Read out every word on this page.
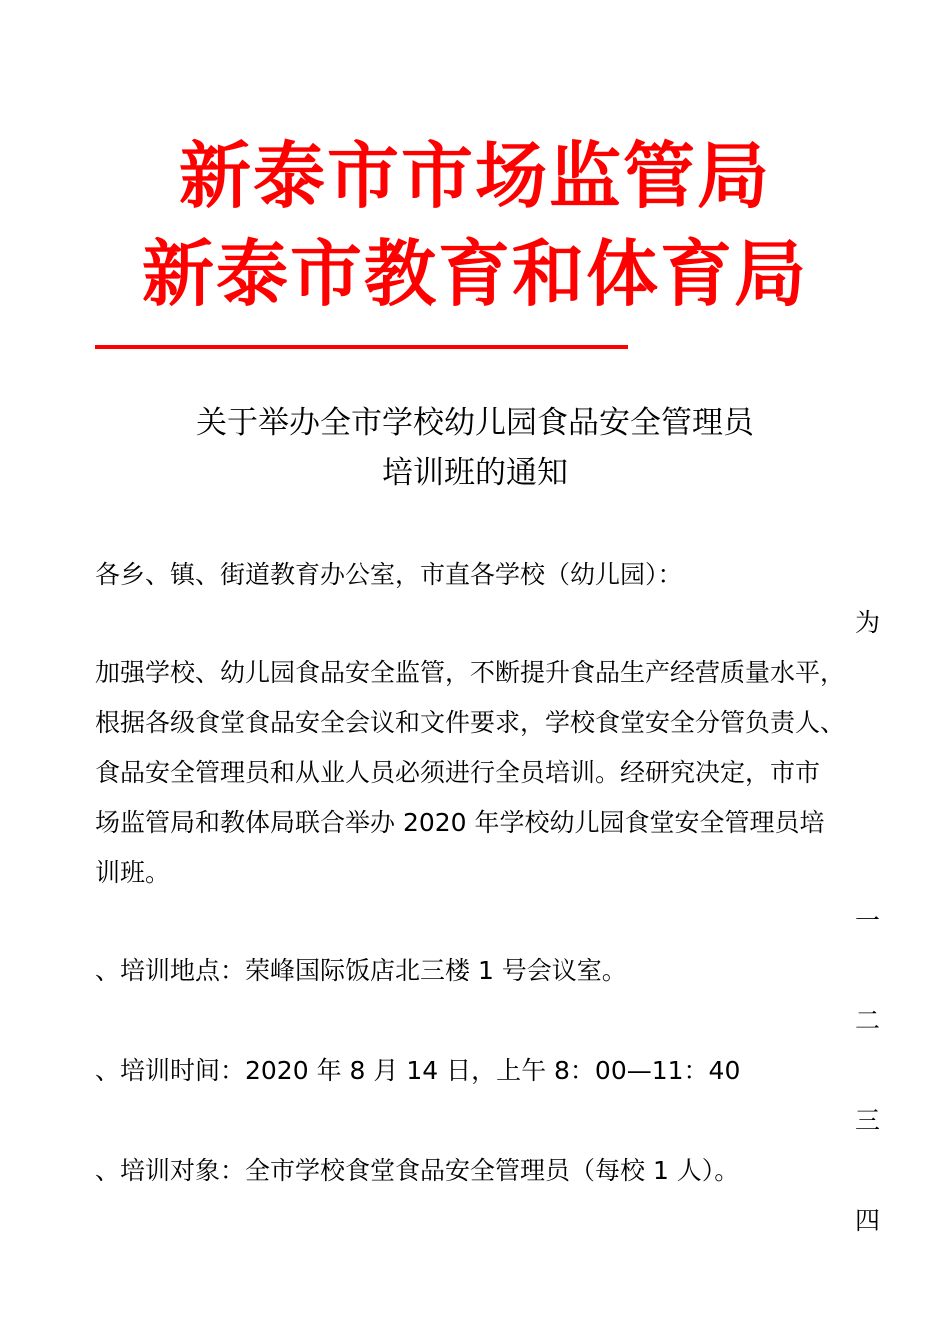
新泰市市场监管局
新泰市教育和体育局
关于举办全市学校幼儿园食品安全管理员
培训班的通知
各乡、镇、街道教育办公室，市直各学校（幼儿园）：
为
加强学校、幼儿园食品安全监管，不断提升食品生产经营质量水平，
根据各级食堂食品安全会议和文件要求，学校食堂安全分管负责人、
食品安全管理员和从业人员必须进行全员培训。经研究决定，市市
场监管局和教体局联合举办 2020 年学校幼儿园食堂安全管理员培
训班。
一
、培训地点：荣峰国际饭店北三楼 1 号会议室。
二
、培训时间：2020 年 8 月 14 日，上午 8：00—11：40
三
、培训对象：全市学校食堂食品安全管理员（每校 1 人）。
四
